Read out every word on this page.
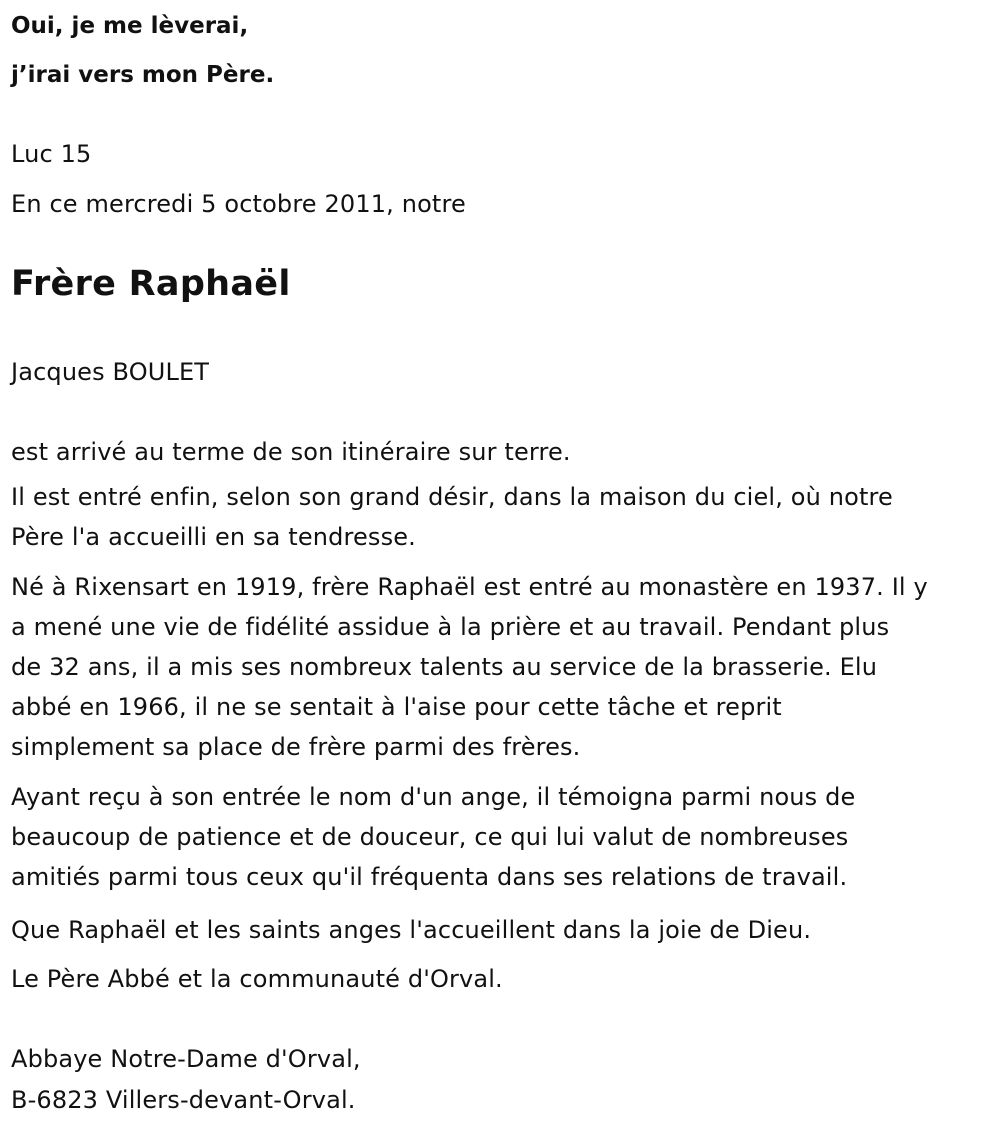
Oui, je me lèverai,

j’irai vers mon Père.

Luc 15

En ce mercredi 5 octobre 2011, notre

Frère Raphaël

Jacques BOULET

est arrivé au terme de son itinéraire sur terre.

Il est entré enfin, selon son grand désir, dans la maison du ciel, où notre
Père l'a accueilli en sa tendresse.
Né à Rixensart en 1919, frère Raphaël est entré au monastère en 1937. Il y
a mené une vie de fidélité assidue à la prière et au travail. Pendant plus
de 32 ans, il a mis ses nombreux talents au service de la brasserie. Elu
abbé en 1966, il ne se sentait à l'aise pour cette tâche et reprit
simplement sa place de frère parmi des frères.
Ayant reçu à son entrée le nom d'un ange, il témoigna parmi nous de
beaucoup de patience et de douceur, ce qui lui valut de nombreuses
amitiés parmi tous ceux qu'il fréquenta dans ses relations de travail.

Que Raphaël et les saints anges l'accueillent dans la joie de Dieu.

Le Père Abbé et la communauté d'Orval.

Abbaye Notre-Dame d'Orval,

B-6823 Villers-devant-Orval.
